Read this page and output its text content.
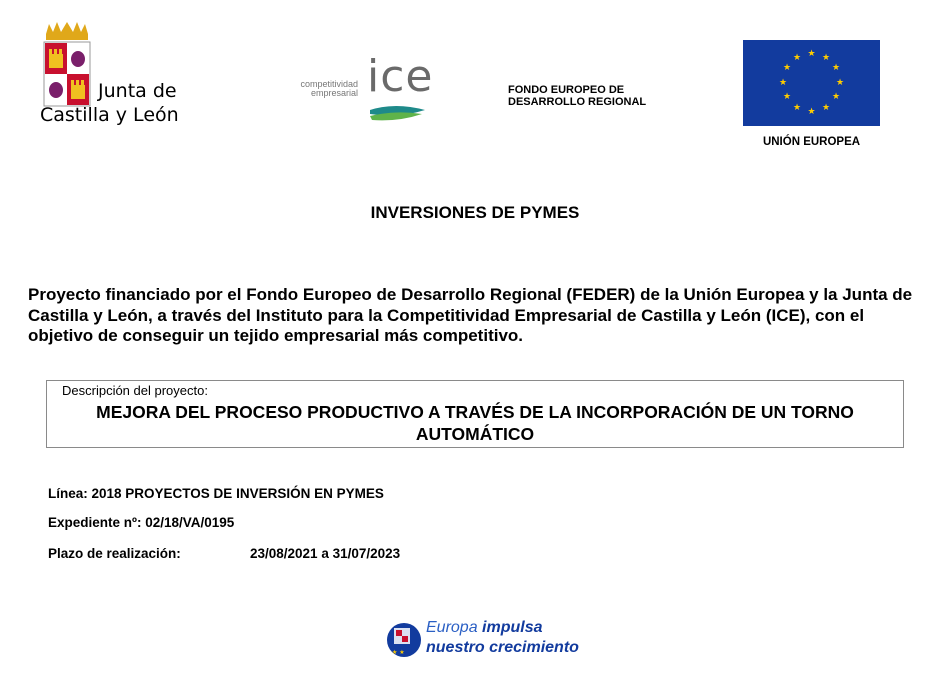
Junta de
Castilla y León
competitividad empresarial ice	FONDO EUROPEO DE DESARROLLO REGIONAL
★ ★
★
★
★
★
★
★
★
★
★
★
UNIÓN EUROPEA
INVERSIONES DE PYMES
Proyecto financiado por el Fondo Europeo de Desarrollo Regional (FEDER) de la Unión Europea y la Junta de Castilla y León, a través del Instituto para la Competitividad Empresarial de Castilla y León (ICE), con el objetivo de conseguir un tejido empresarial más competitivo.
Descripción del proyecto:
MEJORA DEL PROCESO PRODUCTIVO A TRAVÉS DE LA INCORPORACIÓN DE UN TORNO AUTOMÁTICO
Línea: 2018 PROYECTOS DE INVERSIÓN EN PYMES
Expediente nº: 02/18/VA/0195
Plazo de realización:	23/08/2021 a 31/07/2023
★ ★
Europa impulsa
nuestro crecimiento
